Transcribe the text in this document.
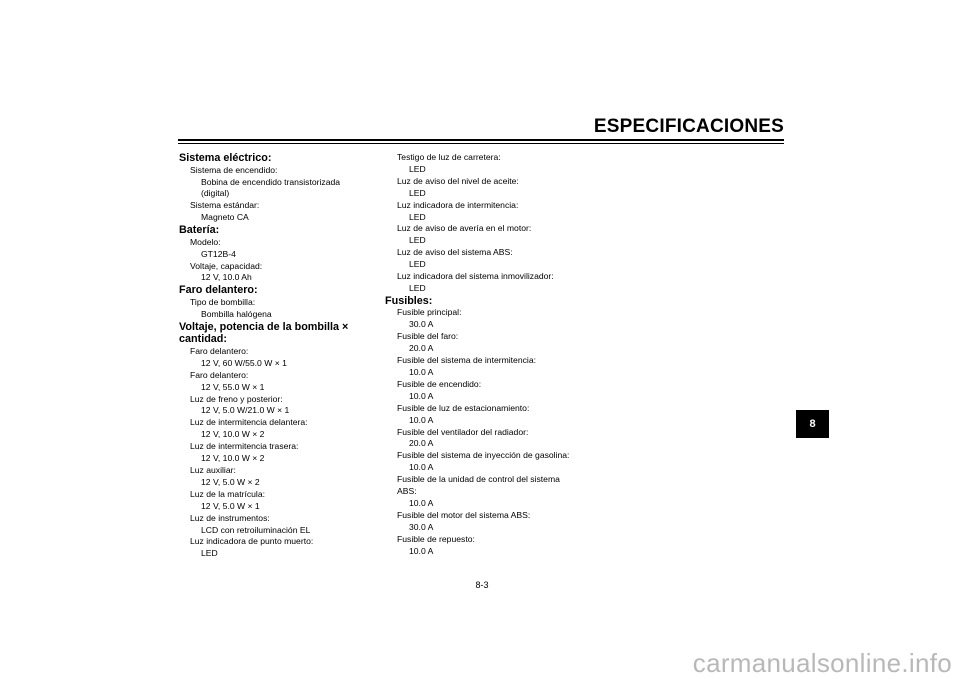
ESPECIFICACIONES
Sistema eléctrico:
Sistema de encendido:
Bobina de encendido transistorizada
(digital)
Sistema estándar:
Magneto CA
Batería:
Modelo:
GT12B-4
Voltaje, capacidad:
12 V, 10.0 Ah
Faro delantero:
Tipo de bombilla:
Bombilla halógena
Voltaje, potencia de la bombilla ×
cantidad:
Faro delantero:
12 V, 60 W/55.0 W × 1
Faro delantero:
12 V, 55.0 W × 1
Luz de freno y posterior:
12 V, 5.0 W/21.0 W × 1
Luz de intermitencia delantera:
12 V, 10.0 W × 2
Luz de intermitencia trasera:
12 V, 10.0 W × 2
Luz auxiliar:
12 V, 5.0 W × 2
Luz de la matrícula:
12 V, 5.0 W × 1
Luz de instrumentos:
LCD con retroiluminación EL
Luz indicadora de punto muerto:
LED
Testigo de luz de carretera:
LED
Luz de aviso del nivel de aceite:
LED
Luz indicadora de intermitencia:
LED
Luz de aviso de avería en el motor:
LED
Luz de aviso del sistema ABS:
LED
Luz indicadora del sistema inmovilizador:
LED
Fusibles:
Fusible principal:
30.0 A
Fusible del faro:
20.0 A
Fusible del sistema de intermitencia:
10.0 A
Fusible de encendido:
10.0 A
Fusible de luz de estacionamiento:
10.0 A
Fusible del ventilador del radiador:
20.0 A
Fusible del sistema de inyección de gasolina:
10.0 A
Fusible de la unidad de control del sistema
ABS:
10.0 A
Fusible del motor del sistema ABS:
30.0 A
Fusible de repuesto:
10.0 A
8
8-3
carmanualsonline.info
